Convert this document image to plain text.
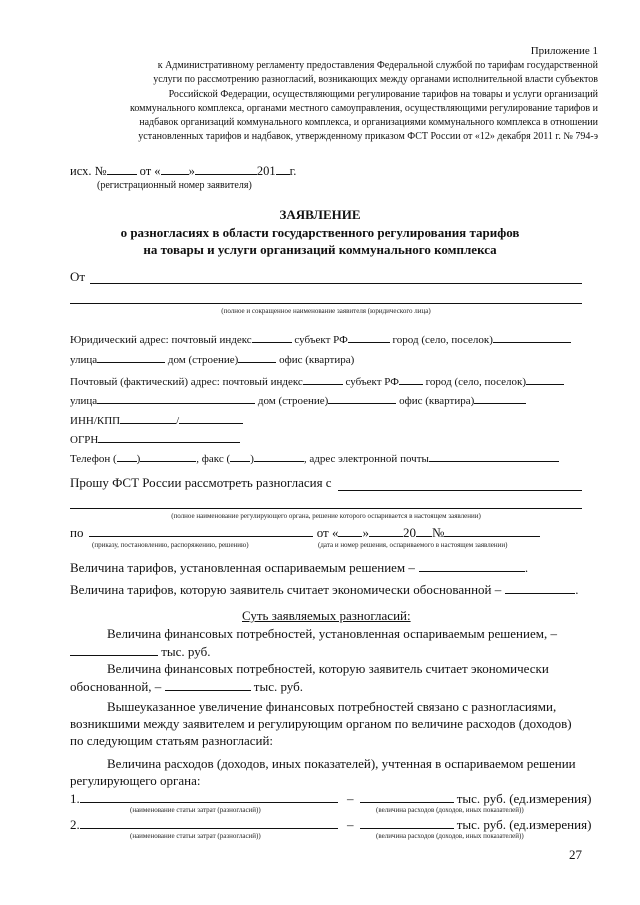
Приложение 1
к Административному регламенту предоставления Федеральной службой по тарифам государственной
услуги по рассмотрению разногласий, возникающих между органами исполнительной власти субъектов
Российской Федерации, осуществляющими регулирование тарифов на товары и услуги организаций
коммунального комплекса, органами местного самоуправления, осуществляющими регулирование тарифов и
надбавок организаций коммунального комплекса, и организациями коммунального комплекса в отношении
установленных тарифов и надбавок, утвержденному приказом ФСТ России от «12» декабря 2011 г. № 794-э
исх. №	от « »	201 г.
(регистрационный номер заявителя)
ЗАЯВЛЕНИЕ
о разногласиях в области государственного регулирования тарифов
на товары и услуги организаций коммунального комплекса
От
(полное и сокращенное наименование заявителя (юридического лица)
Юридический адрес: почтовый индекс	субъект РФ	город (село, поселок)
улица	дом (строение)	офис (квартира)
Почтовый (фактический) адрес: почтовый индекс	субъект РФ город (село, поселок)
улица	дом (строение)	офис (квартира)
ИНН/КПП	/
ОГРН
Телефон ( )	, факс ( )	, адрес электронной почты
Прошу ФСТ России рассмотреть разногласия с
(полное наименование регулирующего органа, решение которого оспаривается в настоящем заявлении)
по	от « »	20 №
(приказу, постановлению, распоряжению, решению)	(дата и номер решения, оспариваемого в настоящем заявлении)
Величина тарифов, установленная оспариваемым решением –	.
Величина тарифов, которую заявитель считает экономически обоснованной –	.
Суть заявляемых разногласий:
Величина финансовых потребностей, установленная оспариваемым решением, –
тыс. руб.
Величина финансовых потребностей, которую заявитель считает экономически
обоснованной, –	тыс. руб.
Вышеуказанное увеличение финансовых потребностей связано с разногласиями,
возникшими между заявителем и регулирующим органом по величине расходов (доходов)
по следующим статьям разногласий:
Величина расходов (доходов, иных показателей), учтенная в оспариваемом решении
регулирующего органа:
1.	–	тыс. руб. (ед.измерения)
(наименование статьи затрат (разногласий))	(величина расходов (доходов, иных показателей))
2.	–	тыс. руб. (ед.измерения)
(наименование статьи затрат (разногласий))	(величина расходов (доходов, иных показателей))
27
